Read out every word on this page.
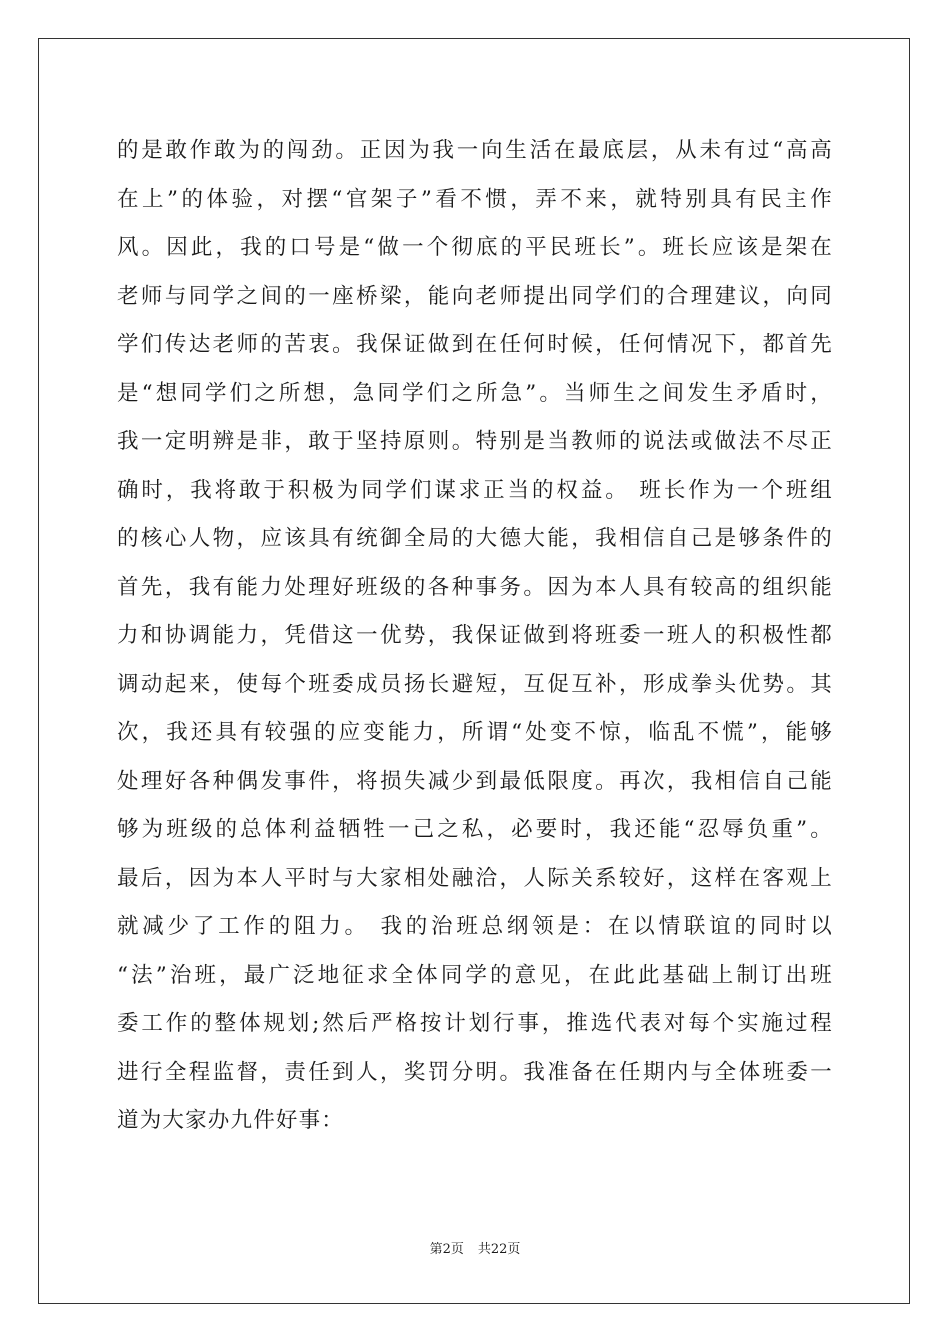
的是敢作敢为的闯劲。正因为我一向生活在最底层，从未有过“高高
在上”的体验，对摆“官架子”看不惯，弄不来，就特别具有民主作
风。因此，我的口号是“做一个彻底的平民班长”。班长应该是架在
老师与同学之间的一座桥梁，能向老师提出同学们的合理建议，向同
学们传达老师的苦衷。我保证做到在任何时候，任何情况下，都首先
是“想同学们之所想，急同学们之所急”。当师生之间发生矛盾时，
我一定明辨是非，敢于坚持原则。特别是当教师的说法或做法不尽正
确时，我将敢于积极为同学们谋求正当的权益。 班长作为一个班组
的核心人物，应该具有统御全局的大德大能，我相信自己是够条件的
首先，我有能力处理好班级的各种事务。因为本人具有较高的组织能
力和协调能力，凭借这一优势，我保证做到将班委一班人的积极性都
调动起来，使每个班委成员扬长避短，互促互补，形成拳头优势。其
次，我还具有较强的应变能力，所谓“处变不惊，临乱不慌”，能够
处理好各种偶发事件，将损失减少到最低限度。再次，我相信自己能
够为班级的总体利益牺牲一己之私，必要时，我还能“忍辱负重”。
最后，因为本人平时与大家相处融洽，人际关系较好，这样在客观上
就减少了工作的阻力。 我的治班总纲领是：在以情联谊的同时以
“法”治班，最广泛地征求全体同学的意见，在此此基础上制订出班
委工作的整体规划;然后严格按计划行事，推选代表对每个实施过程
进行全程监督，责任到人，奖罚分明。我准备在任期内与全体班委一
道为大家办九件好事：
第2页 共22页
